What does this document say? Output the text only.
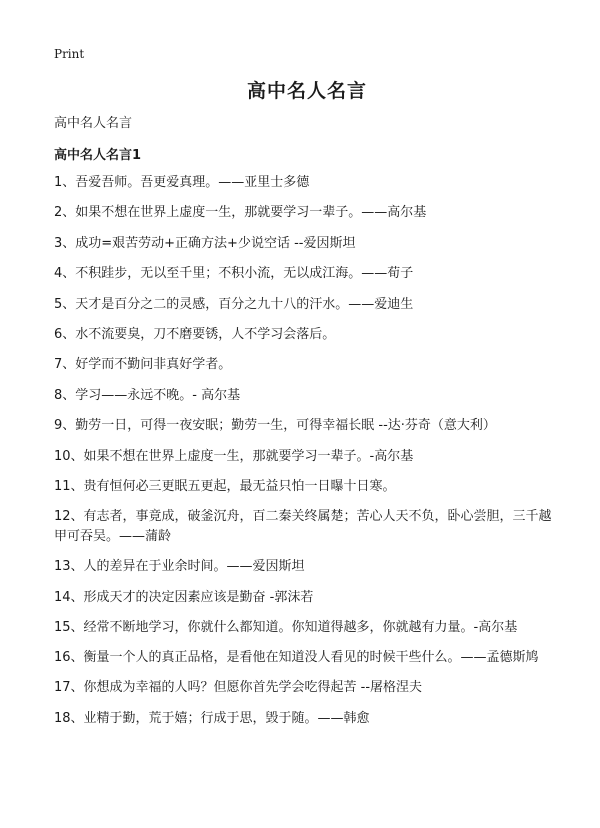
Print

高中名人名言

高中名人名言

高中名人名言1
1、吾爱吾师。吾更爱真理。——亚里士多德
2、如果不想在世界上虚度一生，那就要学习一辈子。——高尔基
3、成功=艰苦劳动+正确方法+少说空话 --爱因斯坦
4、不积跬步，无以至千里；不积小流，无以成江海。——荀子
5、天才是百分之二的灵感，百分之九十八的汗水。——爱迪生
6、水不流要臭，刀不磨要锈，人不学习会落后。
7、好学而不勤问非真好学者。
8、学习——永远不晚。- 高尔基
9、勤劳一日，可得一夜安眠；勤劳一生，可得幸福长眠 --达·芬奇（意大利）
10、如果不想在世界上虚度一生，那就要学习一辈子。-高尔基
11、贵有恒何必三更眠五更起，最无益只怕一日曝十日寒。
12、有志者，事竟成，破釜沉舟，百二秦关终属楚；苦心人天不负，卧心尝胆，三千越甲可吞吴。——蒲龄
13、人的差异在于业余时间。——爱因斯坦
14、形成天才的决定因素应该是勤奋 -郭沫若
15、经常不断地学习，你就什么都知道。你知道得越多，你就越有力量。-高尔基
16、衡量一个人的真正品格，是看他在知道没人看见的时候干些什么。——孟德斯鸠
17、你想成为幸福的人吗？但愿你首先学会吃得起苦 --屠格涅夫
18、业精于勤，荒于嬉；行成于思，毁于随。——韩愈
